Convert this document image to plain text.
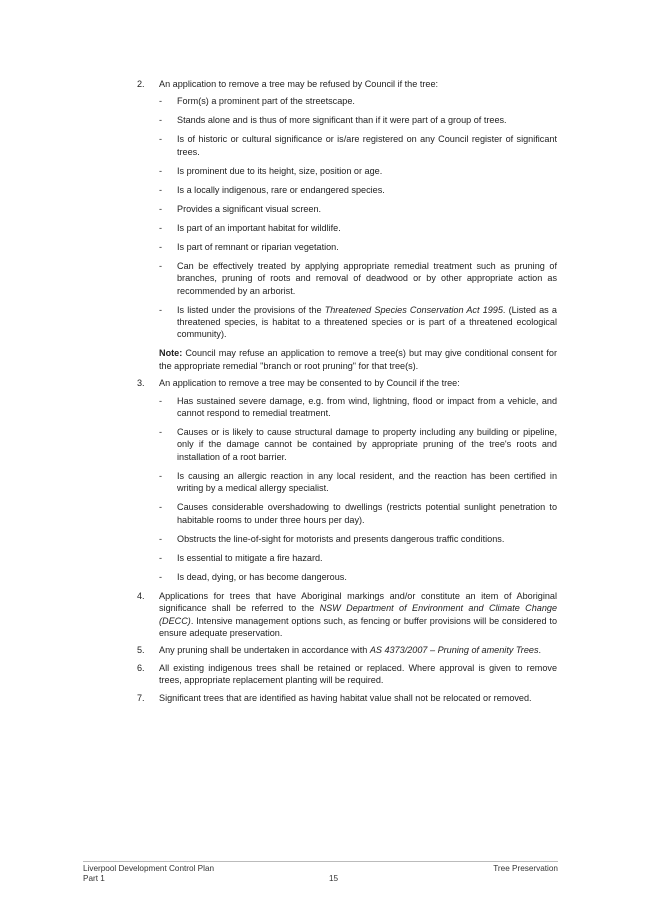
2. An application to remove a tree may be refused by Council if the tree:
- Form(s) a prominent part of the streetscape.
- Stands alone and is thus of more significant than if it were part of a group of trees.
- Is of historic or cultural significance or is/are registered on any Council register of significant trees.
- Is prominent due to its height, size, position or age.
- Is a locally indigenous, rare or endangered species.
- Provides a significant visual screen.
- Is part of an important habitat for wildlife.
- Is part of remnant or riparian vegetation.
- Can be effectively treated by applying appropriate remedial treatment such as pruning of branches, pruning of roots and removal of deadwood or by other appropriate action as recommended by an arborist.
- Is listed under the provisions of the Threatened Species Conservation Act 1995. (Listed as a threatened species, is habitat to a threatened species or is part of a threatened ecological community).

Note: Council may refuse an application to remove a tree(s) but may give conditional consent for the appropriate remedial "branch or root pruning" for that tree(s).

3. An application to remove a tree may be consented to by Council if the tree:
- Has sustained severe damage, e.g. from wind, lightning, flood or impact from a vehicle, and cannot respond to remedial treatment.
- Causes or is likely to cause structural damage to property including any building or pipeline, only if the damage cannot be contained by appropriate pruning of the tree's roots and installation of a root barrier.
- Is causing an allergic reaction in any local resident, and the reaction has been certified in writing by a medical allergy specialist.
- Causes considerable overshadowing to dwellings (restricts potential sunlight penetration to habitable rooms to under three hours per day).
- Obstructs the line-of-sight for motorists and presents dangerous traffic conditions.
- Is essential to mitigate a fire hazard.
- Is dead, dying, or has become dangerous.
4. Applications for trees that have Aboriginal markings and/or constitute an item of Aboriginal significance shall be referred to the NSW Department of Environment and Climate Change (DECC). Intensive management options such, as fencing or buffer provisions will be considered to ensure adequate preservation.
5. Any pruning shall be undertaken in accordance with AS 4373/2007 – Pruning of amenity Trees.
6. All existing indigenous trees shall be retained or replaced. Where approval is given to remove trees, appropriate replacement planting will be required.
7. Significant trees that are identified as having habitat value shall not be relocated or removed.
Liverpool Development Control Plan	Tree Preservation
Part 1	15
